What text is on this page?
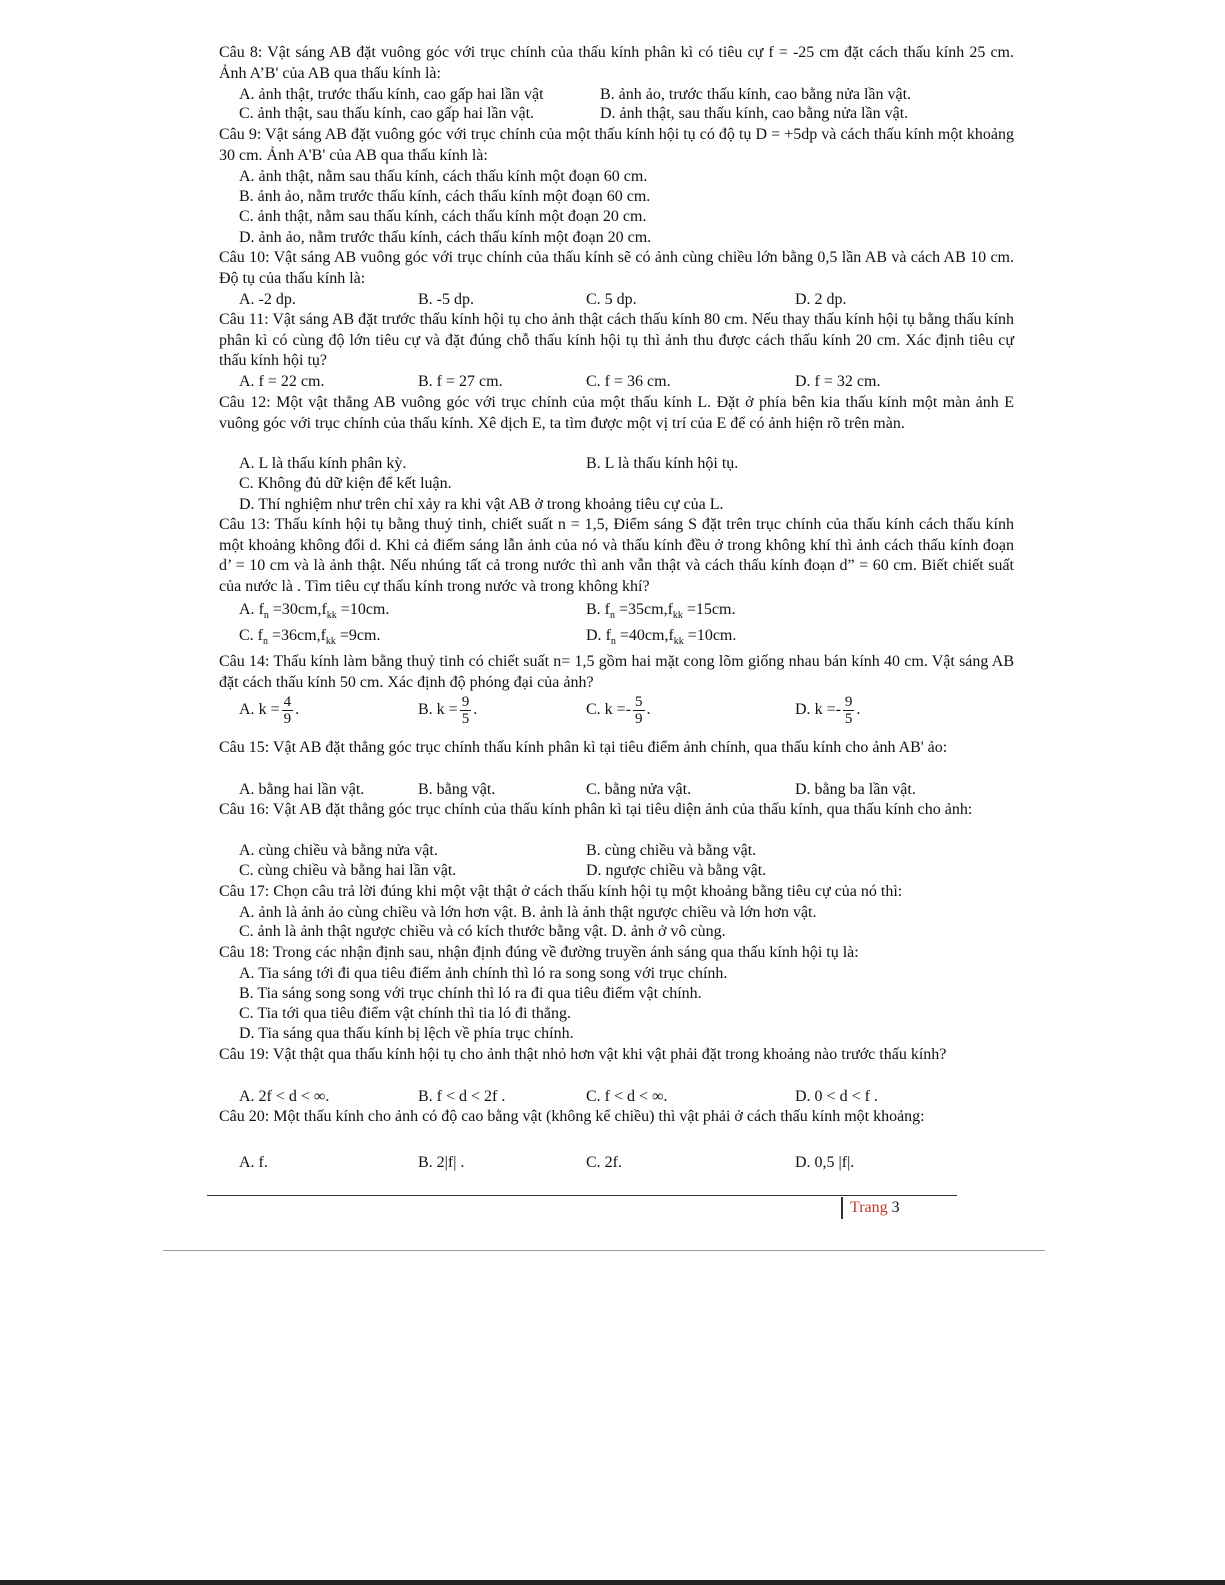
Câu 8: Vật sáng AB đặt vuông góc với trục chính của thấu kính phân kì có tiêu cự f = -25 cm đặt cách thấu kính 25 cm. Ảnh A’B' của AB qua thấu kính là:

A. ảnh thật, trước thấu kính, cao gấp hai lần vật	B. ảnh ảo, trước thấu kính, cao bằng nửa lần vật.
C. ảnh thật, sau thấu kính, cao gấp hai lần vật.	D. ảnh thật, sau thấu kính, cao bằng nửa lần vật.

Câu 9: Vật sáng AB đặt vuông góc với trục chính của một thấu kính hội tụ có độ tụ D = +5dp và cách thấu kính một khoảng 30 cm. Ảnh A'B' của AB qua thấu kính là:

A. ảnh thật, nằm sau thấu kính, cách thấu kính một đoạn 60 cm.
B. ảnh ảo, nằm trước thấu kính, cách thấu kính một đoạn 60 cm.
C. ảnh thật, nằm sau thấu kính, cách thấu kính một đoạn 20 cm.
D. ảnh ảo, nằm trước thấu kính, cách thấu kính một đoạn 20 cm.

Câu 10: Vật sáng AB vuông góc với trục chính của thấu kính sẽ có ảnh cùng chiều lớn bằng 0,5 lần AB và cách AB 10 cm. Độ tụ của thấu kính là:

A. -2 dp.	B. -5 dp.	C. 5 dp.	D. 2 dp.

Câu 11: Vật sáng AB đặt trước thấu kính hội tụ cho ảnh thật cách thấu kính 80 cm. Nếu thay thấu kính hội tụ bằng thấu kính phân kì có cùng độ lớn tiêu cự và đặt đúng chỗ thấu kính hội tụ thì ảnh thu được cách thấu kính 20 cm. Xác định tiêu cự thấu kính hội tụ?

A. f = 22 cm.	B. f = 27 cm.	C. f = 36 cm.	D. f = 32 cm.

Câu 12: Một vật thẳng AB vuông góc với trục chính của một thấu kính L. Đặt ở phía bên kia thấu kính một màn ảnh E vuông góc với trục chính của thấu kính. Xê dịch E, ta tìm được một vị trí của E để có ảnh hiện rõ trên màn.

A. L là thấu kính phân kỳ.	B. L là thấu kính hội tụ.
C. Không đủ dữ kiện để kết luận.
D. Thí nghiệm như trên chỉ xảy ra khi vật AB ở trong khoảng tiêu cự của L.

Câu 13: Thấu kính hội tụ bằng thuỷ tinh, chiết suất n = 1,5, Điểm sáng S đặt trên trục chính của thấu kính cách thấu kính một khoảng không đổi d. Khi cả điểm sáng lẫn ảnh của nó và thấu kính đều ở trong không khí thì ảnh cách thấu kính đoạn d’ = 10 cm và là ảnh thật. Nếu nhúng tất cả trong nước thì anh vẫn thật và cách thấu kính đoạn d” = 60 cm. Biết chiết suất của nước là . Tìm tiêu cự thấu kính trong nước và trong không khí?

A. $f_n =30cm,f_{kk} =10cm$.	B. $f_n =35cm,f_{kk} =15cm$.
C. $f_n =36cm,f_{kk} =9cm$.	D. $f_n =40cm,f_{kk} =10cm$.

Câu 14: Thấu kính làm bằng thuỷ tinh có chiết suất n= 1,5 gồm hai mặt cong lõm giống nhau bán kính 40 cm. Vật sáng AB đặt cách thấu kính 50 cm. Xác định độ phóng đại của ảnh?

A. $k = \frac{4}{9}$ .	B. $k = \frac{9}{5}$ .	C. $k =- \frac{5}{9}$ .	D. $k =- \frac{9}{5}$ .

Câu 15: Vật AB đặt thẳng góc trục chính thấu kính phân kì tại tiêu điểm ảnh chính, qua thấu kính cho ảnh AB' ảo:

A. bằng hai lần vật.	B. bằng vật.	C. bằng nửa vật.	D. bằng ba lần vật.

Câu 16: Vật AB đặt thẳng góc trục chính của thấu kính phân kì tại tiêu diện ảnh của thấu kính, qua thấu kính cho ảnh:

A. cùng chiều và bằng nửa vật.	B. cùng chiều và bằng vật.
C. cùng chiều và bằng hai lần vật.	D. ngược chiều và bằng vật.
Câu 17: Chọn câu trả lời đúng khi một vật thật ở cách thấu kính hội tụ một khoảng bằng tiêu cự của nó thì:
A. ảnh là ảnh ảo cùng chiều và lớn hơn vật. B. ảnh là ảnh thật ngược chiều và lớn hơn vật.
C. ảnh là ảnh thật ngược chiều và có kích thước bằng vật. D. ảnh ở vô cùng.
Câu 18: Trong các nhận định sau, nhận định đúng về đường truyền ánh sáng qua thấu kính hội tụ là:
A. Tia sáng tới đi qua tiêu điểm ảnh chính thì ló ra song song với trục chính.
B. Tia sáng song song với trục chính thì ló ra đi qua tiêu điểm vật chính.
C. Tia tới qua tiêu điểm vật chính thì tia ló đi thẳng.
D. Tia sáng qua thấu kính bị lệch về phía trục chính.

Câu 19: Vật thật qua thấu kính hội tụ cho ảnh thật nhỏ hơn vật khi vật phải đặt trong khoảng nào trước thấu kính?

A. 2f < d < ∞.	B. f < d < 2f .	C. f < d < ∞.	D. 0 < d < f .

Câu 20: Một thấu kính cho ảnh có độ cao bằng vật (không kể chiều) thì vật phải ở cách thấu kính một khoảng:

A. f.	B. 2|f| .	C. 2f.	D. 0,5 |f|.
Trang 3
